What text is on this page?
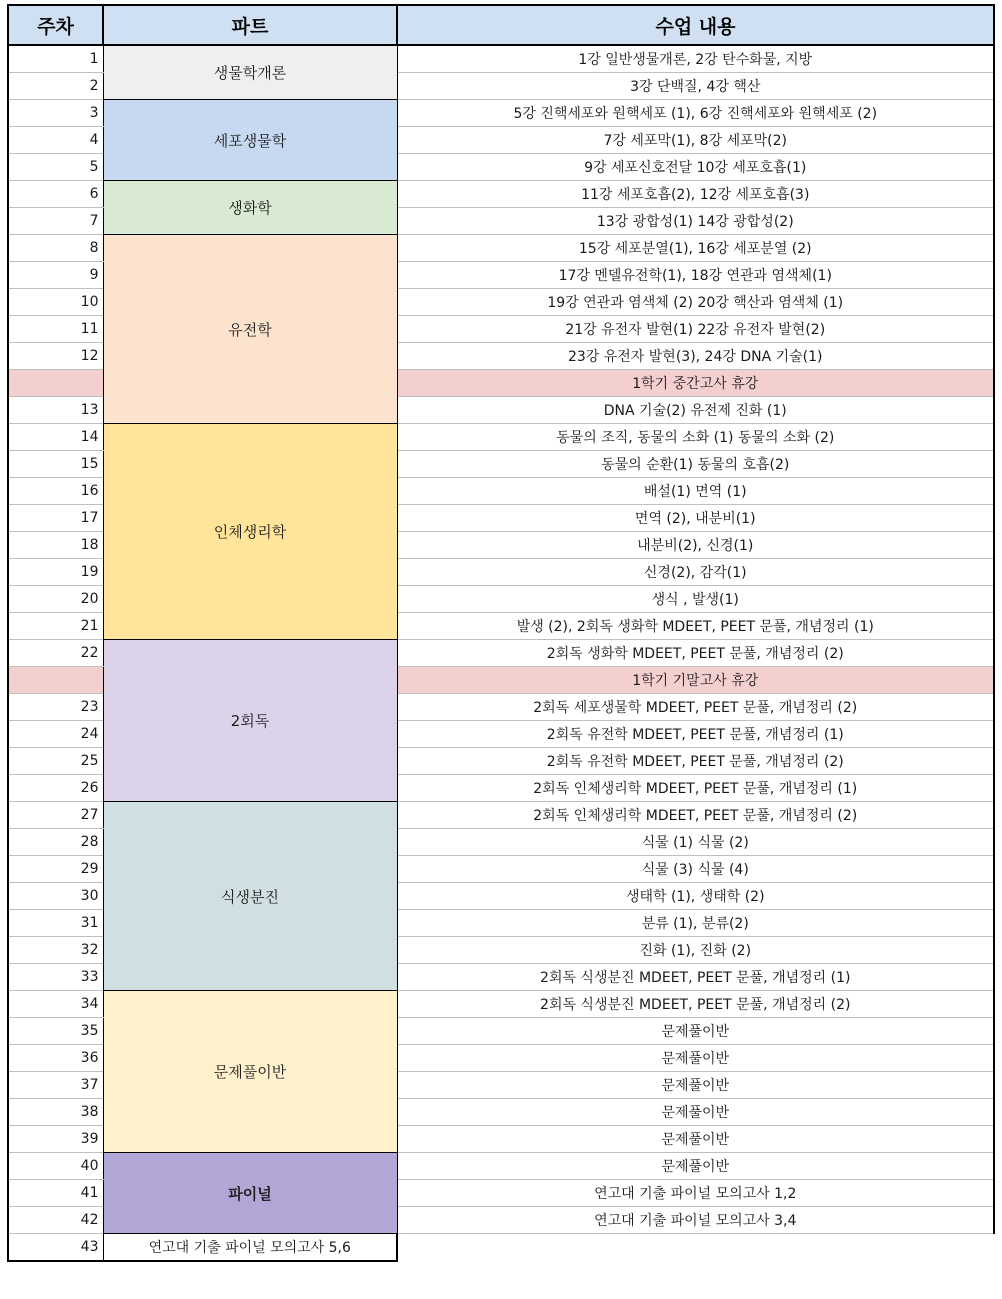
주차	파트	수업 내용
1	생물학개론	1강 일반생물개론, 2강 탄수화물, 지방
2		3강 단백질, 4강 핵산
3	세포생물학	5강 진핵세포와 원핵세포 (1), 6강 진핵세포와 원핵세포 (2)
4		7강 세포막(1), 8강 세포막(2)
5		9강 세포신호전달 10강 세포호흡(1)
6	생화학	11강 세포호흡(2), 12강 세포호흡(3)
7		13강 광합성(1) 14강 광합성(2)
8	유전학	15강 세포분열(1), 16강 세포분열 (2)
9		17강 멘델유전학(1), 18강 연관과 염색체(1)
10		19강 연관과 염색체 (2) 20강 핵산과 염색체 (1)
11		21강 유전자 발현(1) 22강 유전자 발현(2)
12		23강 유전자 발현(3), 24강 DNA 기술(1)
		1학기 중간고사 휴강
13		DNA 기술(2) 유전제 진화 (1)
14	인체생리학	동물의 조직, 동물의 소화 (1) 동물의 소화 (2)
15		동물의 순환(1) 동물의 호흡(2)
16		배설(1) 면역 (1)
17		면역 (2), 내분비(1)
18		내분비(2), 신경(1)
19		신경(2), 감각(1)
20		생식 , 발생(1)
21		발생 (2), 2회독 생화학 MDEET, PEET 문풀, 개념정리 (1)
22	2회독	2회독 생화학 MDEET, PEET 문풀, 개념정리 (2)
		1학기 기말고사 휴강
23		2회독 세포생물학 MDEET, PEET 문풀, 개념정리 (2)
24		2회독 유전학 MDEET, PEET 문풀, 개념정리 (1)
25		2회독 유전학 MDEET, PEET 문풀, 개념정리 (2)
26		2회독 인체생리학 MDEET, PEET 문풀, 개념정리 (1)
27	식생분진	2회독 인체생리학 MDEET, PEET 문풀, 개념정리 (2)
28		식물 (1) 식물 (2)
29		식물 (3) 식물 (4)
30		생태학 (1), 생태학 (2)
31		분류 (1), 분류(2)
32		진화 (1), 진화 (2)
33		2회독 식생분진 MDEET, PEET 문풀, 개념정리 (1)
34	문제풀이반	2회독 식생분진 MDEET, PEET 문풀, 개념정리 (2)
35		문제풀이반
36		문제풀이반
37		문제풀이반
38		문제풀이반
39		문제풀이반
40	파이널	문제풀이반
41		연고대 기출 파이널 모의고사 1,2
42		연고대 기출 파이널 모의고사 3,4
43	연고대 기출 파이널 모의고사 5,6	
